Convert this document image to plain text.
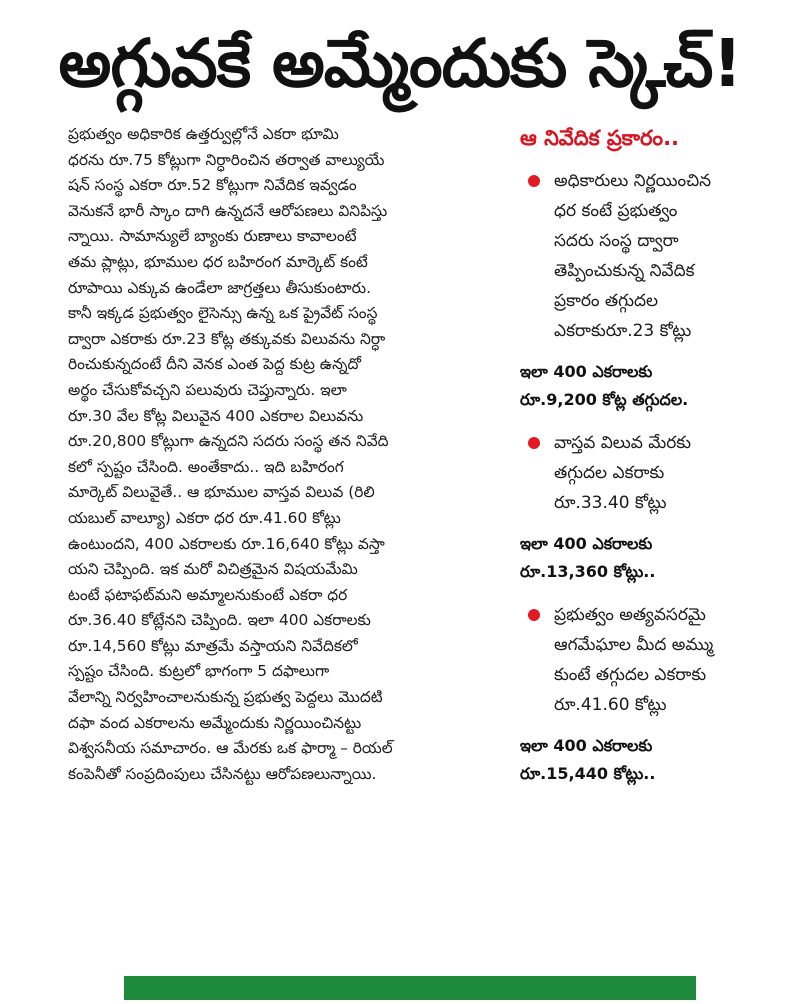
అగ్గువకే అమ్మేందుకు స్కెచ్!

ప్రభుత్వం అధికారిక ఉత్తర్వుల్లోనే ఎకరా భూమి

ధరను రూ.75 కోట్లుగా నిర్ధారించిన తర్వాత వాల్యుయే

షన్ సంస్థ ఎకరా రూ.52 కోట్లుగా నివేదిక ఇవ్వడం

వెనుకనే భారీ స్కాం దాగి ఉన్నదనే ఆరోపణలు వినిపిస్తు

న్నాయి. సామాన్యులే బ్యాంకు రుణాలు కావాలంటే

తమ ప్లాట్లు, భూముల ధర బహిరంగ మార్కెట్ కంటే

రూపాయి ఎక్కువ ఉండేలా జాగ్రత్తలు తీసుకుంటారు.

కానీ ఇక్కడ ప్రభుత్వం లైసెన్సు ఉన్న ఒక ప్రైవేట్ సంస్థ

ద్వారా ఎకరాకు రూ.23 కోట్ల తక్కువకు విలువను నిర్ధా

రించుకున్నదంటే దీని వెనక ఎంత పెద్ద కుట్ర ఉన్నదో

అర్థం చేసుకోవచ్చని పలువురు చెప్తున్నారు. ఇలా

రూ.30 వేల కోట్ల విలువైన 400 ఎకరాల విలువను

రూ.20,800 కోట్లుగా ఉన్నదని సదరు సంస్థ తన నివేది

కలో స్పష్టం చేసింది. అంతేకాదు.. ఇది బహిరంగ

మార్కెట్ విలువైతే.. ఆ భూముల వాస్తవ విలువ (రిలి

యబుల్ వాల్యూ) ఎకరా ధర రూ.41.60 కోట్లు

ఉంటుందని, 400 ఎకరాలకు రూ.16,640 కోట్లు వస్తా

యని చెప్పింది. ఇక మరో విచిత్రమైన విషయమేమి

టంటే ఫటాఫట్‌మని అమ్మాలనుకుంటే ఎకరా ధర

రూ.36.40 కోట్లేనని చెప్పింది. ఇలా 400 ఎకరాలకు

రూ.14,560 కోట్లు మాత్రమే వస్తాయని నివేదికలో

స్పష్టం చేసింది. కుట్రలో భాగంగా 5 దఫాలుగా

వేలాన్ని నిర్వహించాలనుకున్న ప్రభుత్వ పెద్దలు మొదటి

దఫా వంద ఎకరాలను అమ్మేందుకు నిర్ణయించినట్టు

విశ్వసనీయ సమాచారం. ఆ మేరకు ఒక ఫార్మా – రియల్

కంపెనీతో సంప్రదింపులు చేసినట్టు ఆరోపణలున్నాయి.

ఆ నివేదిక ప్రకారం..
అధికారులు నిర్ణయించిన
ధర కంటే ప్రభుత్వం
సదరు సంస్థ ద్వారా
తెప్పించుకున్న నివేదిక
ప్రకారం తగ్గుదల
ఎకరాకురూ.23 కోట్లు
ఇలా 400 ఎకరాలకు
రూ.9,200 కోట్ల తగ్గుదల.
వాస్తవ విలువ మేరకు
తగ్గుదల ఎకరాకు
రూ.33.40 కోట్లు
ఇలా 400 ఎకరాలకు
రూ.13,360 కోట్లు..
ప్రభుత్వం అత్యవసరమై
ఆగమేఘాల మీద అమ్ము
కుంటే తగ్గుదల ఎకరాకు
రూ.41.60 కోట్లు
ఇలా 400 ఎకరాలకు
రూ.15,440 కోట్లు..
